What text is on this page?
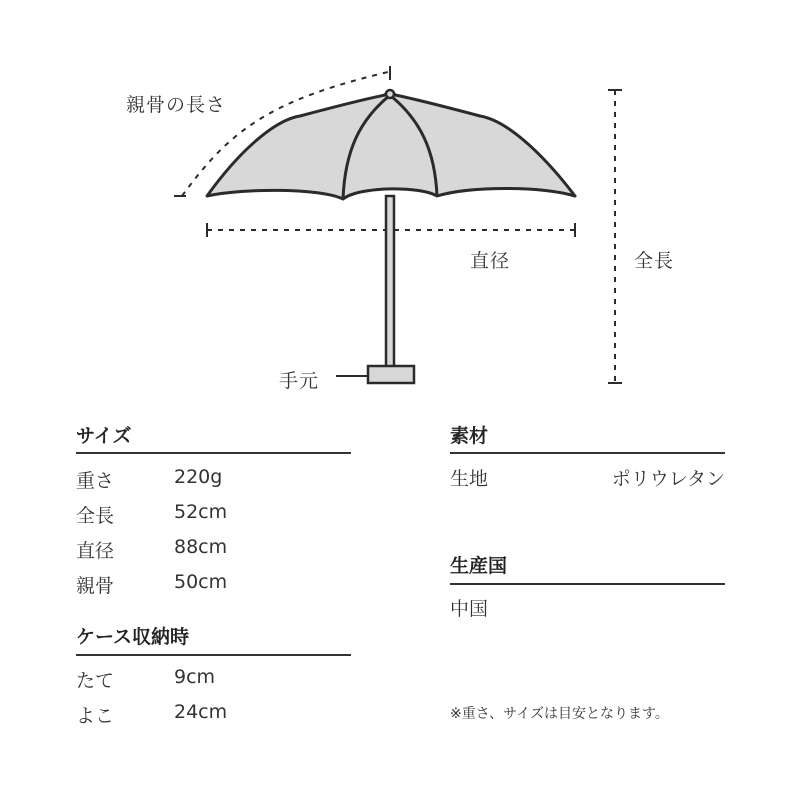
親骨の長さ
直径	全長
手元
サイズ
重さ	220g
全長	52cm
直径	88cm
親骨	50cm
ケース収納時
たて	9cm
よこ	24cm
素材
生地	ポリウレタン
生産国
中国
※重さ、サイズは目安となります。
